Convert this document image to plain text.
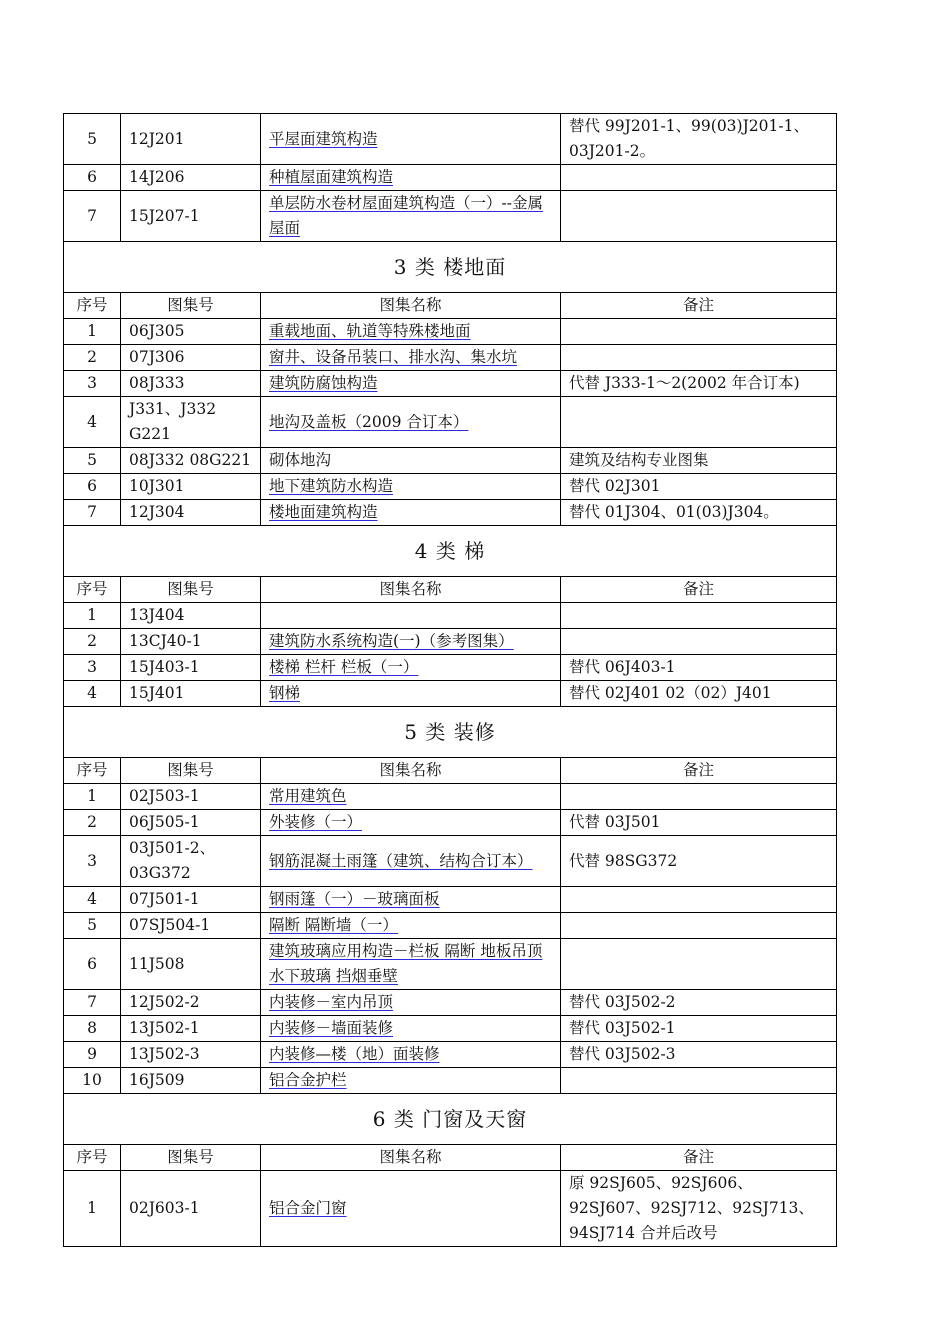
5	12J201	平屋面建筑构造	替代 99J201-1、99(03)J201-1、03J201-2。
6	14J206	种植屋面建筑构造	
7	15J207-1	单层防水卷材屋面建筑构造（一）--金属屋面	
3 类 楼地面			
序号	图集号	图集名称	备注
1	06J305	重载地面、轨道等特殊楼地面	
2	07J306	窗井、设备吊装口、排水沟、集水坑	
3	08J333	建筑防腐蚀构造	代替 J333-1～2(2002 年合订本)
4	J331、J332 G221	地沟及盖板（2009 合订本）	
5	08J332 08G221	砌体地沟	建筑及结构专业图集
6	10J301	地下建筑防水构造	替代 02J301
7	12J304	楼地面建筑构造	替代 01J304、01(03)J304。
4 类 梯			
序号	图集号	图集名称	备注
1	13J404		
2	13CJ40-1	建筑防水系统构造(一)（参考图集）	
3	15J403-1	楼梯 栏杆 栏板（一）	替代 06J403-1
4	15J401	钢梯	替代 02J401 02（02）J401
5 类 装修			
序号	图集号	图集名称	备注
1	02J503-1	常用建筑色	
2	06J505-1	外装修（一）	代替 03J501
3	03J501-2、03G372	钢筋混凝土雨篷（建筑、结构合订本）	代替 98SG372
4	07J501-1	钢雨篷（一）－玻璃面板	
5	07SJ504-1	隔断 隔断墙（一）	
6	11J508	建筑玻璃应用构造－栏板 隔断 地板吊顶 水下玻璃 挡烟垂壁	
7	12J502-2	内装修－室内吊顶	替代 03J502-2
8	13J502-1	内装修－墙面装修	替代 03J502-1
9	13J502-3	内装修—楼（地）面装修	替代 03J502-3
10	16J509	铝合金护栏	
6 类 门窗及天窗			
序号	图集号	图集名称	备注
1	02J603-1	铝合金门窗	原 92SJ605、92SJ606、92SJ607、92SJ712、92SJ713、94SJ714 合并后改号
